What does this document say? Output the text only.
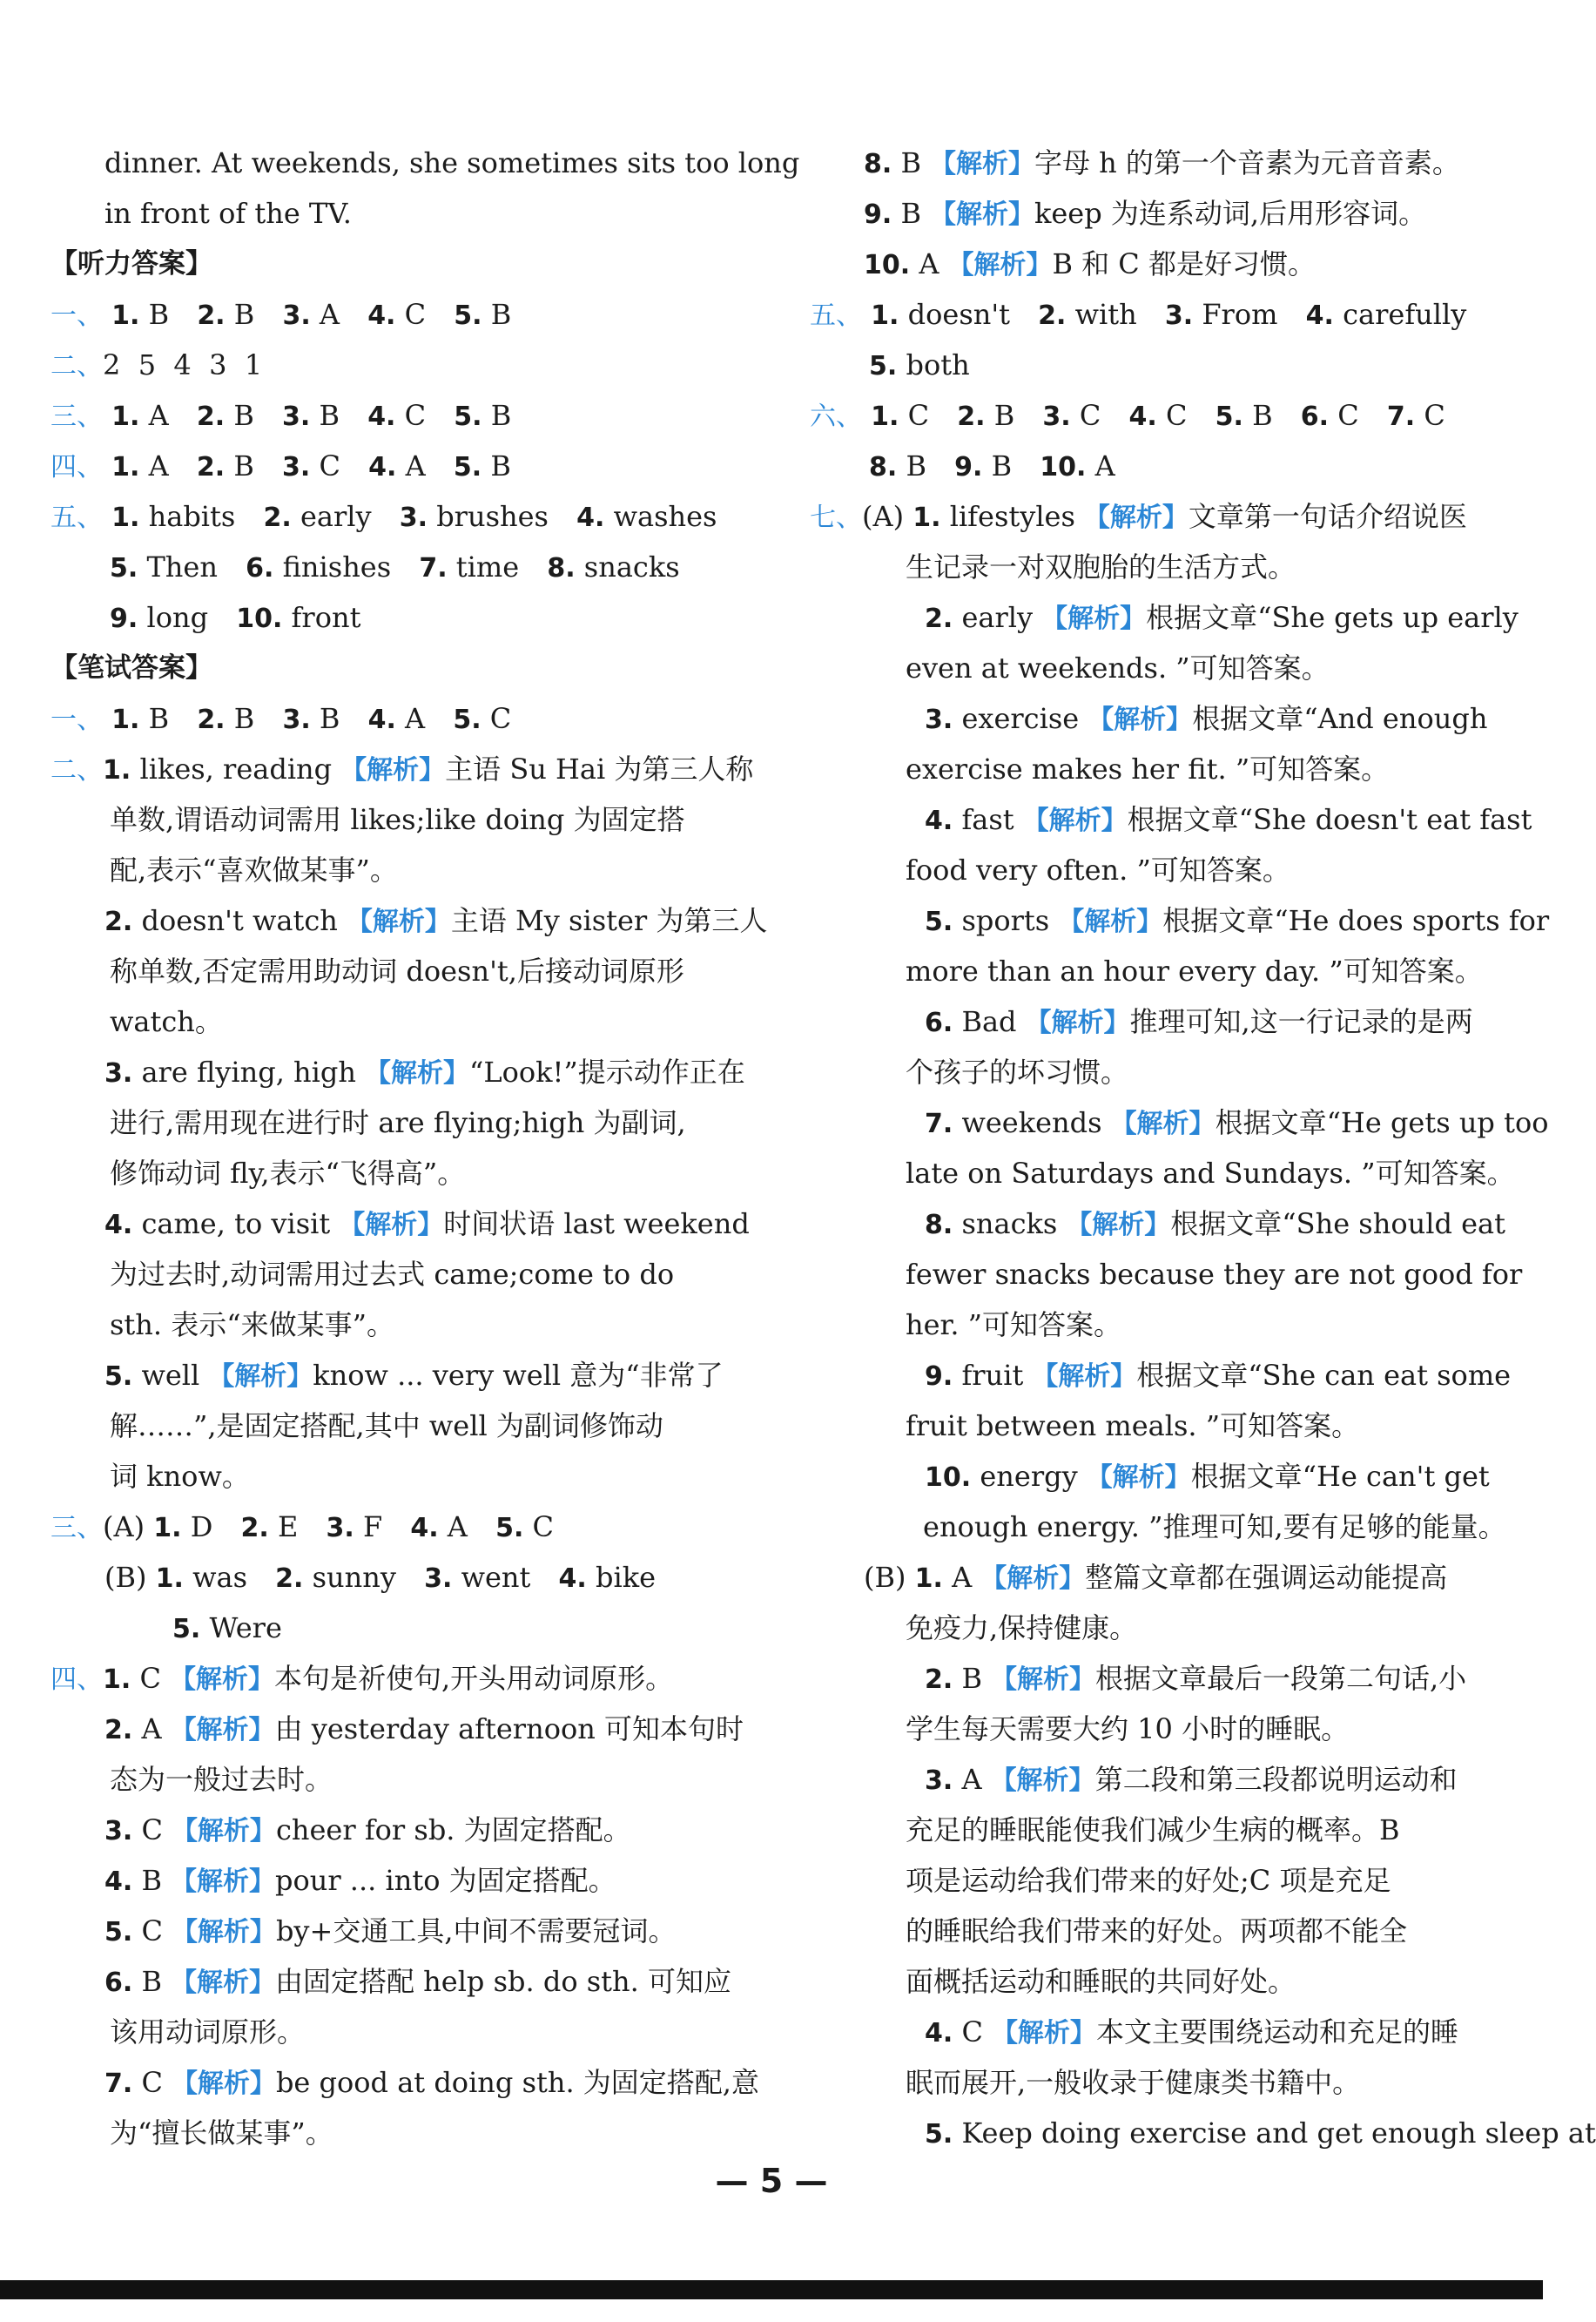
dinner. At weekends, she sometimes sits too long
in front of the TV.
【听力答案】
一、 1. B 2. B 3. A 4. C 5. B
二、2  5  4  3  1
三、 1. A 2. B 3. B 4. C 5. B
四、 1. A 2. B 3. C 4. A 5. B
五、 1. habits 2. early 3. brushes 4. washes
5. Then 6. finishes 7. time 8. snacks
9. long 10. front
【笔试答案】
一、 1. B 2. B 3. B 4. A 5. C
二、1. likes, reading 【解析】主语 Su Hai 为第三人称
单数,谓语动词需用 likes;like doing 为固定搭
配,表示“喜欢做某事”。
2. doesn't watch 【解析】主语 My sister 为第三人
称单数,否定需用助动词 doesn't,后接动词原形
watch。
3. are flying, high 【解析】“Look!”提示动作正在
进行,需用现在进行时 are flying;high 为副词,
修饰动词 fly,表示“飞得高”。
4. came, to visit 【解析】时间状语 last weekend
为过去时,动词需用过去式 came;come to do
sth. 表示“来做某事”。
5. well 【解析】know ... very well 意为“非常了
解……”,是固定搭配,其中 well 为副词修饰动
词 know。
三、(A) 1. D 2. E 3. F 4. A 5. C
(B) 1. was 2. sunny 3. went 4. bike
5. Were
四、1. C 【解析】本句是祈使句,开头用动词原形。
2. A 【解析】由 yesterday afternoon 可知本句时
态为一般过去时。
3. C 【解析】cheer for sb. 为固定搭配。
4. B 【解析】pour ... into 为固定搭配。
5. C 【解析】by+交通工具,中间不需要冠词。
6. B 【解析】由固定搭配 help sb. do sth. 可知应
该用动词原形。
7. C 【解析】be good at doing sth. 为固定搭配,意
为“擅长做某事”。
8. B 【解析】字母 h 的第一个音素为元音音素。
9. B 【解析】keep 为连系动词,后用形容词。
10. A 【解析】B 和 C 都是好习惯。
五、 1. doesn't 2. with 3. From 4. carefully
5. both
六、 1. C 2. B 3. C 4. C 5. B 6. C 7. C
8. B 9. B 10. A
七、(A) 1. lifestyles 【解析】文章第一句话介绍说医
生记录一对双胞胎的生活方式。
2. early 【解析】根据文章“She gets up early
even at weekends. ”可知答案。
3. exercise 【解析】根据文章“And enough
exercise makes her fit. ”可知答案。
4. fast 【解析】根据文章“She doesn't eat fast
food very often. ”可知答案。
5. sports 【解析】根据文章“He does sports for
more than an hour every day. ”可知答案。
6. Bad 【解析】推理可知,这一行记录的是两
个孩子的坏习惯。
7. weekends 【解析】根据文章“He gets up too
late on Saturdays and Sundays. ”可知答案。
8. snacks 【解析】根据文章“She should eat
fewer snacks because they are not good for
her. ”可知答案。
9. fruit 【解析】根据文章“She can eat some
fruit between meals. ”可知答案。
10. energy 【解析】根据文章“He can't get
enough energy. ”推理可知,要有足够的能量。
(B) 1. A 【解析】整篇文章都在强调运动能提高
免疫力,保持健康。
2. B 【解析】根据文章最后一段第二句话,小
学生每天需要大约 10 小时的睡眠。
3. A 【解析】第二段和第三段都说明运动和
充足的睡眠能使我们减少生病的概率。B
项是运动给我们带来的好处;C 项是充足
的睡眠给我们带来的好处。两项都不能全
面概括运动和睡眠的共同好处。
4. C 【解析】本文主要围绕运动和充足的睡
眠而展开,一般收录于健康类书籍中。
5. Keep doing exercise and get enough sleep at
— 5 —
